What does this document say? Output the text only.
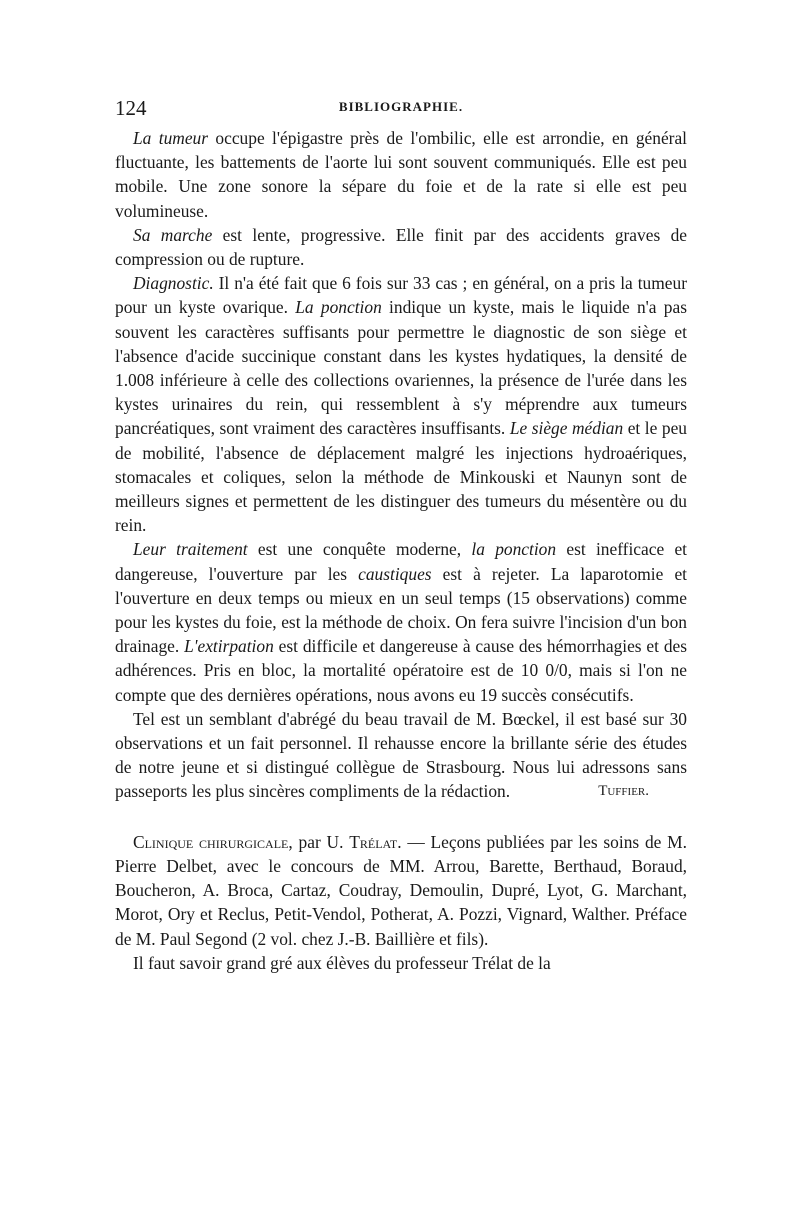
124	BIBLIOGRAPHIE.

La tumeur occupe l'épigastre près de l'ombilic, elle est arrondie, en général fluctuante, les battements de l'aorte lui sont souvent communiqués. Elle est peu mobile. Une zone sonore la sépare du foie et de la rate si elle est peu volumineuse.

Sa marche est lente, progressive. Elle finit par des accidents graves de compression ou de rupture.

Diagnostic. Il n'a été fait que 6 fois sur 33 cas ; en général, on a pris la tumeur pour un kyste ovarique. La ponction indique un kyste, mais le liquide n'a pas souvent les caractères suffisants pour permettre le diagnostic de son siège et l'absence d'acide succinique constant dans les kystes hydatiques, la densité de 1.008 inférieure à celle des collections ovariennes, la présence de l'urée dans les kystes urinaires du rein, qui ressemblent à s'y méprendre aux tumeurs pancréatiques, sont vraiment des caractères insuffisants. Le siège médian et le peu de mobilité, l'absence de déplacement malgré les injections hydroaériques, stomacales et coliques, selon la méthode de Minkouski et Naunyn sont de meilleurs signes et permettent de les distinguer des tumeurs du mésentère ou du rein.

Leur traitement est une conquête moderne, la ponction est inefficace et dangereuse, l'ouverture par les caustiques est à rejeter. La laparotomie et l'ouverture en deux temps ou mieux en un seul temps (15 observations) comme pour les kystes du foie, est la méthode de choix. On fera suivre l'incision d'un bon drainage. L'extirpation est difficile et dangereuse à cause des hémorrhagies et des adhérences. Pris en bloc, la mortalité opératoire est de 10 0/0, mais si l'on ne compte que des dernières opérations, nous avons eu 19 succès consécutifs.

Tel est un semblant d'abrégé du beau travail de M. Bœckel, il est basé sur 30 observations et un fait personnel. Il rehausse encore la brillante série des études de notre jeune et si distingué collègue de Strasbourg. Nous lui adressons sans passeports les plus sincères compliments de la rédaction.	Tuffier.

Clinique chirurgicale, par U. Trélat. — Leçons publiées par les soins de M. Pierre Delbet, avec le concours de MM. Arrou, Barette, Berthaud, Boraud, Boucheron, A. Broca, Cartaz, Coudray, Demoulin, Dupré, Lyot, G. Marchant, Morot, Ory et Reclus, Petit-Vendol, Potherat, A. Pozzi, Vignard, Walther. Préface de M. Paul Segond (2 vol. chez J.-B. Baillière et fils).

Il faut savoir grand gré aux élèves du professeur Trélat de la
